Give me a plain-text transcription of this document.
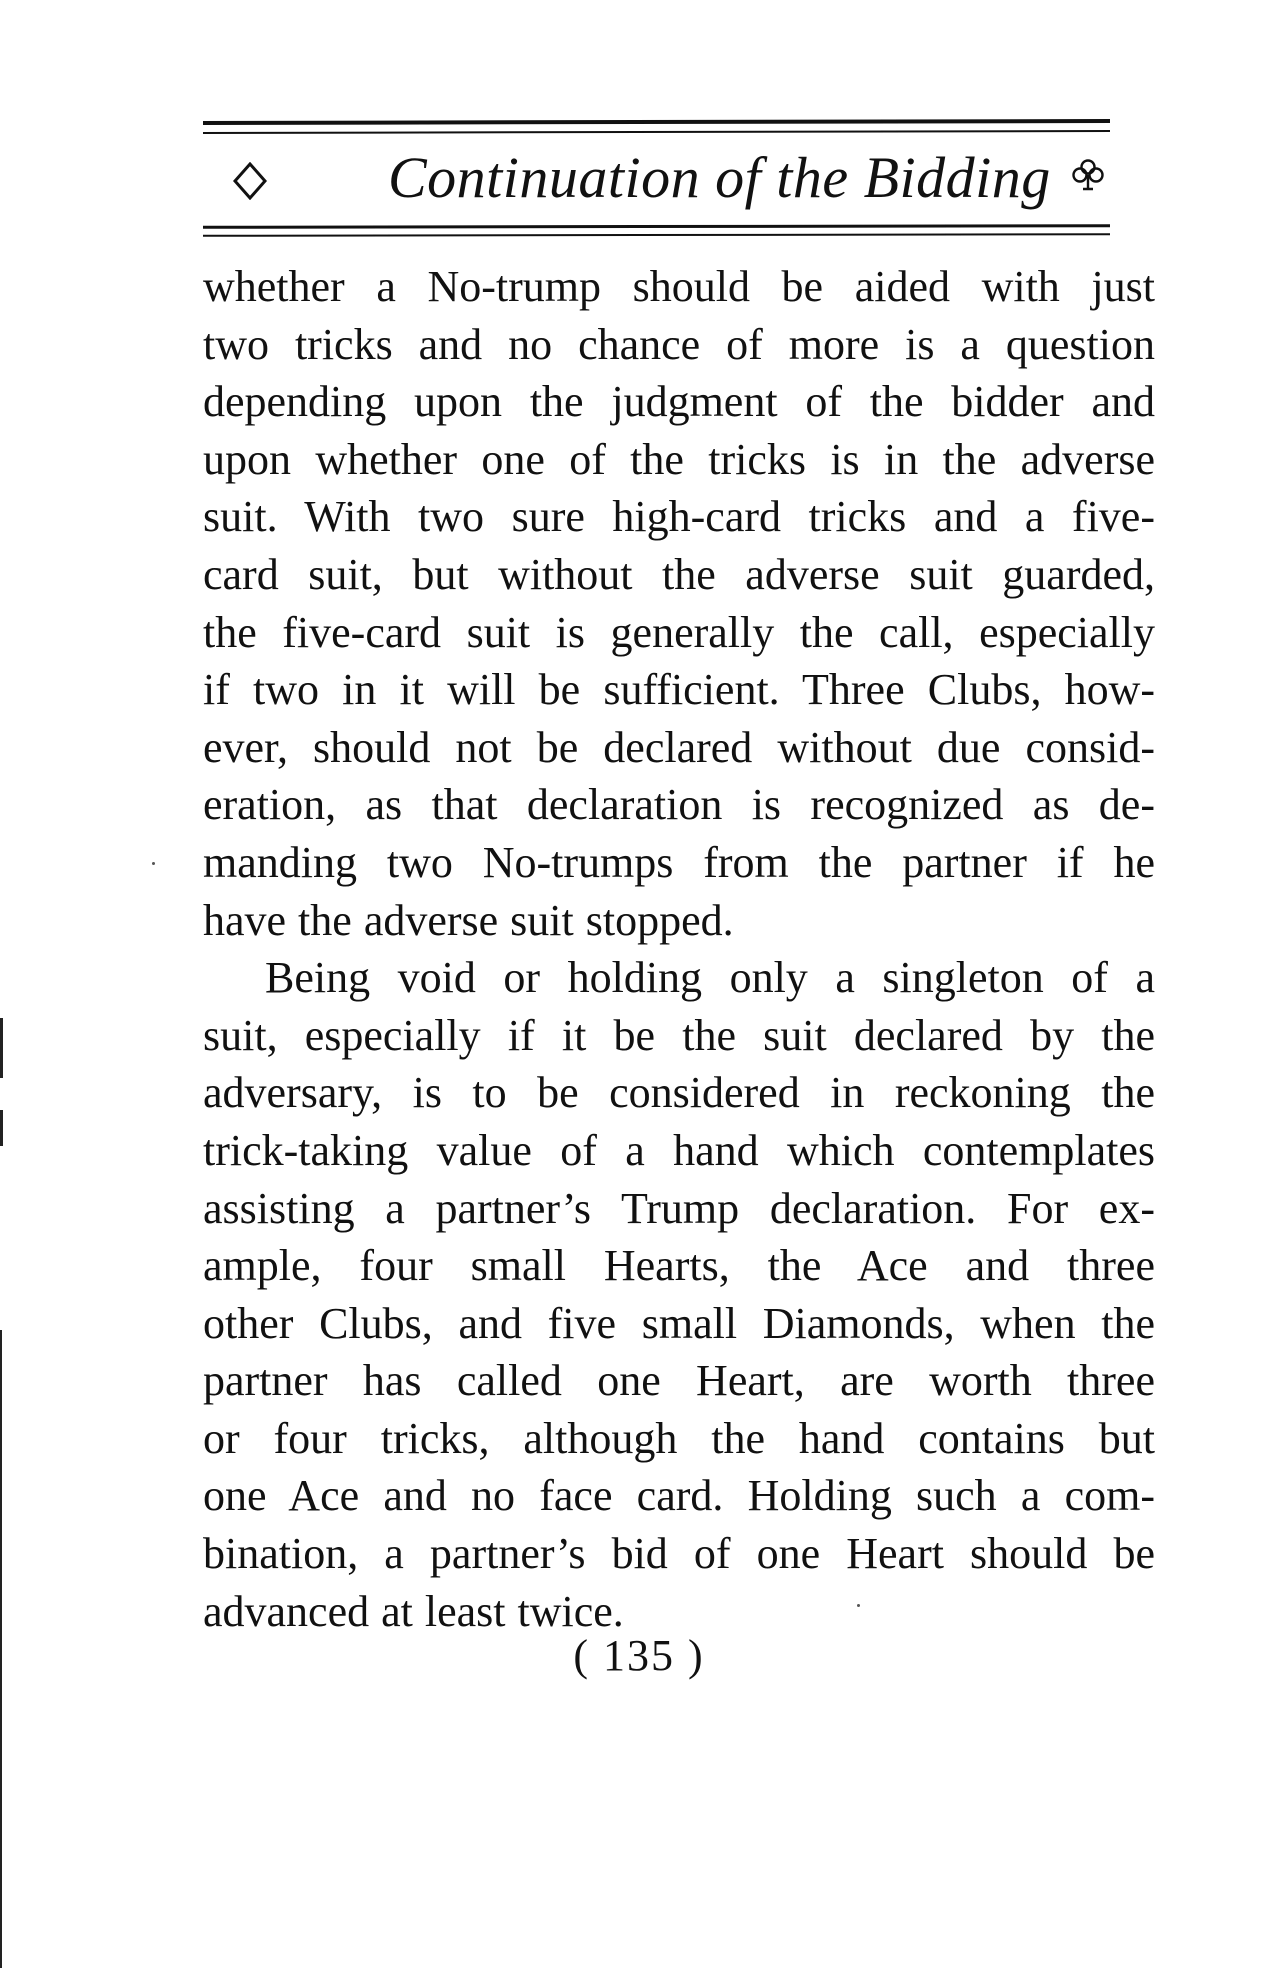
Continuation of the Bidding
whether a No-trump should be aided with just
two tricks and no chance of more is a question
depending upon the judgment of the bidder and
upon whether one of the tricks is in the adverse
suit. With two sure high-card tricks and a five-
card suit, but without the adverse suit guarded,
the five-card suit is generally the call, especially
if two in it will be sufficient. Three Clubs, how-
ever, should not be declared without due consid-
eration, as that declaration is recognized as de-
manding two No-trumps from the partner if he
have the adverse suit stopped.
Being void or holding only a singleton of a
suit, especially if it be the suit declared by the
adversary, is to be considered in reckoning the
trick-taking value of a hand which contemplates
assisting a partner’s Trump declaration. For ex-
ample, four small Hearts, the Ace and three
other Clubs, and five small Diamonds, when the
partner has called one Heart, are worth three
or four tricks, although the hand contains but
one Ace and no face card. Holding such a com-
bination, a partner’s bid of one Heart should be
advanced at least twice.
( 135 )
